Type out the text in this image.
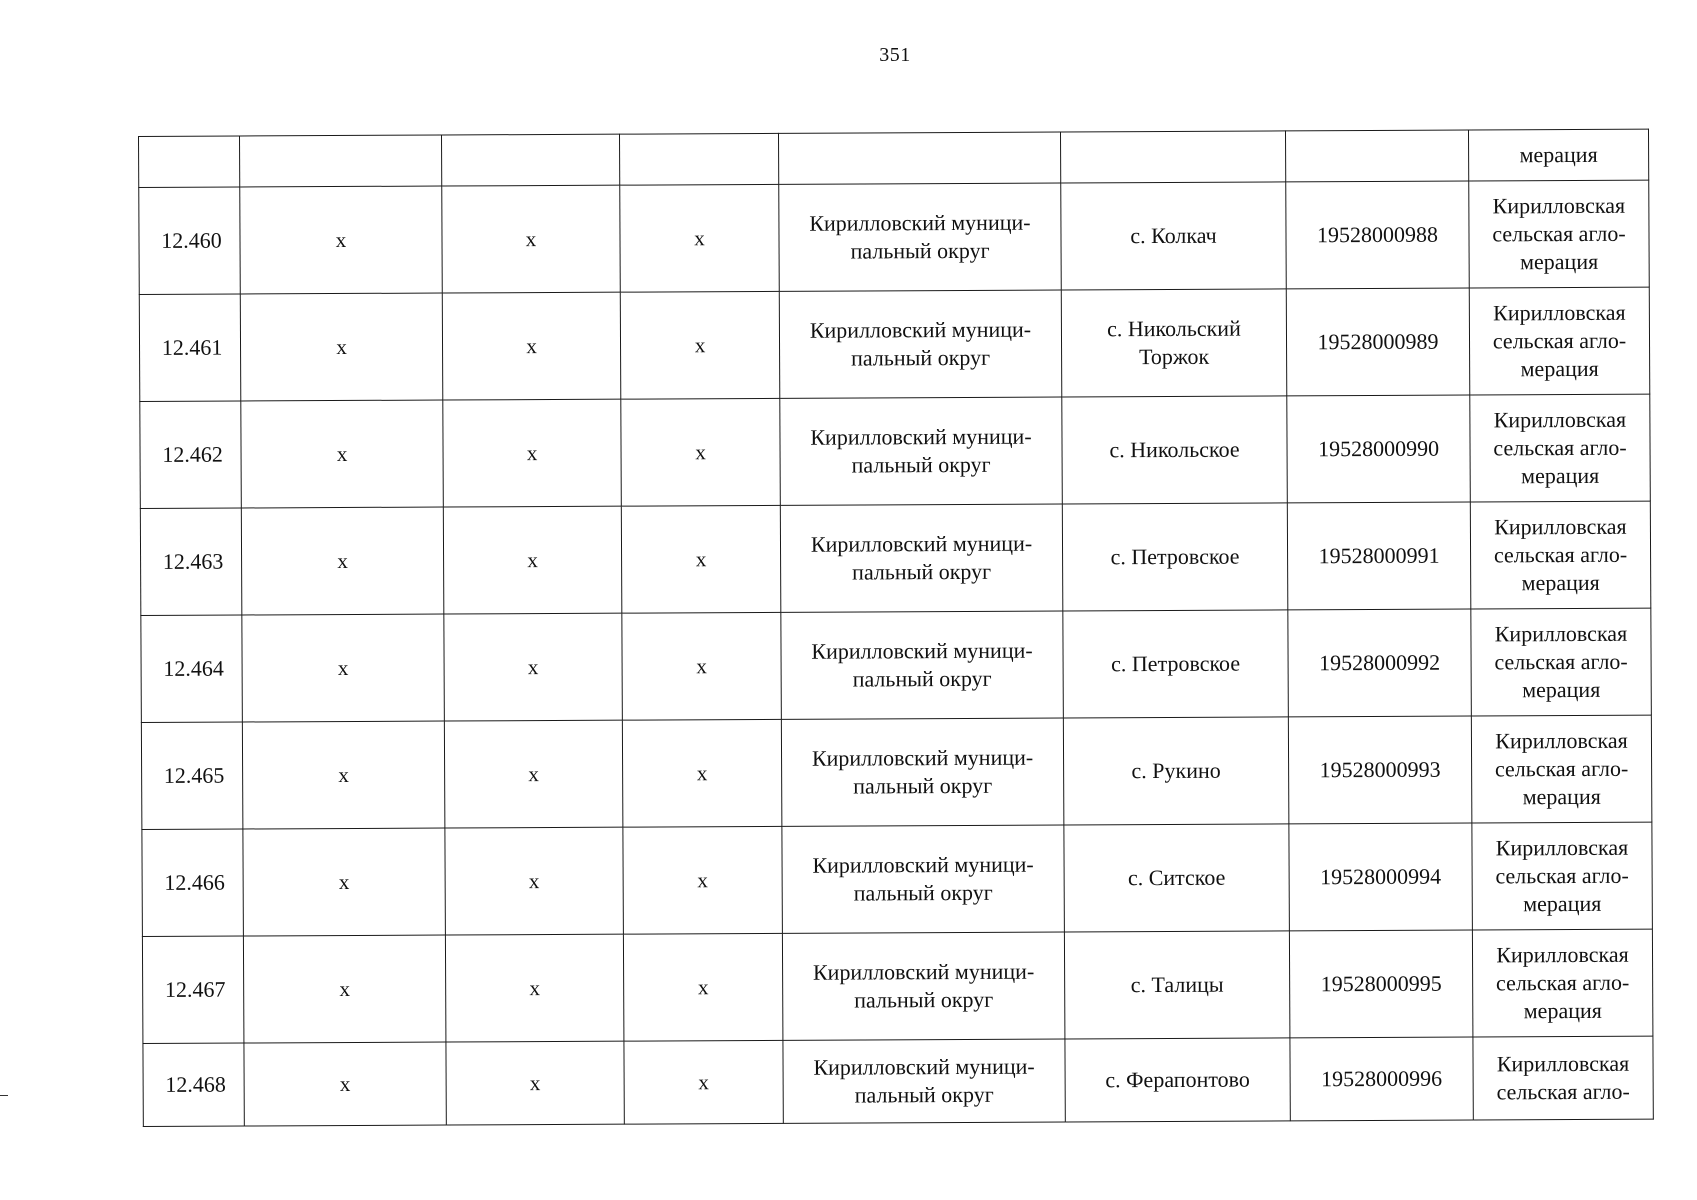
351
							мерация
12.460	x	x	x	Кирилловский муници-
пальный округ	с. Колкач	19528000988	Кирилловская
сельская агло-
мерация

12.461	x	x	x	Кирилловский муници-
пальный округ	с. Никольский
Торжок	19528000989	Кирилловская
сельская агло-
мерация

12.462	x	x	x	Кирилловский муници-
пальный округ	с. Никольское	19528000990	Кирилловская
сельская агло-
мерация

12.463	x	x	x	Кирилловский муници-
пальный округ	с. Петровское	19528000991	Кирилловская
сельская агло-
мерация

12.464	x	x	x	Кирилловский муници-
пальный округ	с. Петровское	19528000992	Кирилловская
сельская агло-
мерация

12.465	x	x	x	Кирилловский муници-
пальный округ	с. Рукино	19528000993	Кирилловская
сельская агло-
мерация

12.466	x	x	x	Кирилловский муници-
пальный округ	с. Ситское	19528000994	Кирилловская
сельская агло-
мерация

12.467	x	x	x	Кирилловский муници-
пальный округ	с. Талицы	19528000995	Кирилловская
сельская агло-
мерация

12.468	x	x	x	Кирилловский муници-
пальный округ	с. Ферапонтово	19528000996	Кирилловская
сельская агло-
